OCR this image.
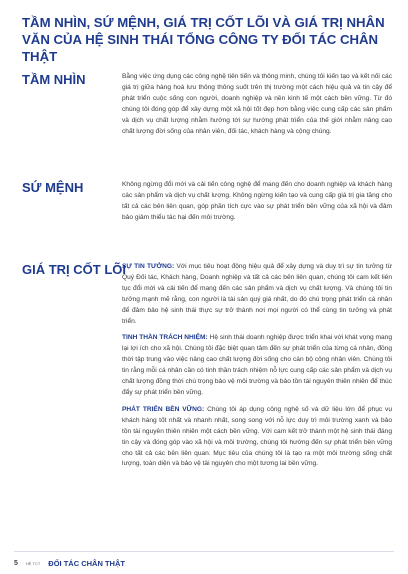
TẦM NHÌN, SỨ MỆNH, GIÁ TRỊ CỐT LÕI VÀ GIÁ TRỊ NHÂN VĂN CỦA HỆ SINH THÁI TỔNG CÔNG TY ĐỐI TÁC CHÂN THẬT
TẦM NHÌN	Bằng việc ứng dụng các công nghệ tiên tiến và thông minh, chúng tôi kiến tạo và kết nối các giá trị giữa hàng hoá lưu thông thông suốt trên thị trường một cách hiệu quả và tin cậy để phát triển cuộc sống con người, doanh nghiệp và nền kinh tế một cách bền vững. Từ đó chúng tôi đóng góp để xây dựng một xã hội tốt đẹp hơn bằng việc cung cấp các sản phẩm và dịch vụ chất lượng nhằm hướng tới sự hướng phát triển của thế giới nhằm nâng cao chất lượng đời sống của nhân viên, đối tác, khách hàng và cộng chúng.

SỨ MỆNH	Không ngừng đổi mới và cải tiến công nghệ để mang đến cho doanh nghiệp và khách hàng các sản phẩm và dịch vụ chất lượng. Không ngừng kiến tạo và cung cấp giá trị gia tăng cho tất cả các bên liên quan, góp phần tích cực vào sự phát triển bền vững của xã hội và đảm bảo giảm thiểu tác hại đến môi trường.

GIÁ TRỊ CỐT LÕI

SỰ TIN TƯỞNG: Với mục tiêu hoạt động hiệu quả để xây dựng và duy trì sự tin tưởng từ Quý Đối tác, Khách hàng, Doanh nghiệp và tất cả các bên liên quan, chúng tôi cam kết liên tục đổi mới và cải tiến để mang đến các sản phẩm và dịch vụ chất lượng. Và chúng tôi tin tưởng mạnh mẽ rằng, con người là tài sản quý giá nhất, do đó chú trọng phát triển cá nhân để đảm bảo hệ sinh thái thực sự trở thành nơi mọi người có thể cùng tin tưởng và phát triển.

TINH THẦN TRÁCH NHIỆM: Hệ sinh thái doanh nghiệp được triển khai với khát vọng mang lại lợi ích cho xã hội. Chúng tôi đặc biệt quan tâm đến sự phát triển của từng cá nhân, đồng thời tập trung vào việc nâng cao chất lượng đời sống cho cán bộ công nhân viên. Chúng tôi tin rằng mỗi cá nhân cần có tinh thần trách nhiệm nỗ lực cung cấp các sản phẩm và dịch vụ chất lượng đồng thời chú trọng bảo vệ môi trường và bảo tồn tài nguyên thiên nhiên để thúc đẩy sự phát triển bền vững.

PHÁT TRIỂN BỀN VỮNG: Chúng tôi áp dụng công nghệ số và dữ liệu lớn để phục vụ khách hàng tốt nhất và nhanh nhất, song song với nỗ lực duy trì môi trường xanh và bảo tồn tài nguyên thiên nhiên một cách bền vững. Với cam kết trở thành một hệ sinh thái đáng tin cậy và đóng góp vào xã hội và môi trường, chúng tôi hướng đến sự phát triển bền vững cho tất cả các bên liên quan. Mục tiêu của chúng tôi là tạo ra một môi trường sống chất lượng, toàn diện và bảo vệ tài nguyên cho một tương lai bền vững.

5 HỆ TCT ĐỐI TÁC CHÂN THẬT
